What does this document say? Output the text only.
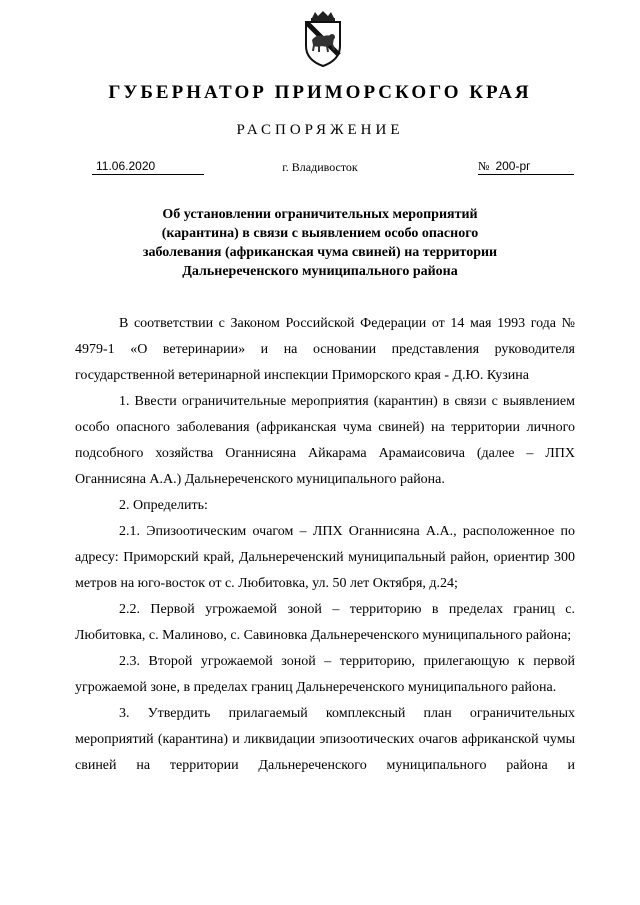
ГУБЕРНАТОР ПРИМОРСКОГО КРАЯ
РАСПОРЯЖЕНИЕ
11.06.2020	г. Владивосток	№ 200-рг
Об установлении ограничительных мероприятий
(карантина) в связи с выявлением особо опасного
заболевания (африканская чума свиней) на территории
Дальнереченского муниципального района

В соответствии с Законом Российской Федерации от 14 мая 1993 года № 4979-1 «О ветеринарии» и на основании представления руководителя государственной ветеринарной инспекции Приморского края - Д.Ю. Кузина

1. Ввести ограничительные мероприятия (карантин) в связи с выявлением особо опасного заболевания (африканская чума свиней) на территории личного подсобного хозяйства Оганнисяна Айкарама Арамаисовича (далее – ЛПХ Оганнисяна А.А.) Дальнереченского муниципального района.

2. Определить:

2.1. Эпизоотическим очагом – ЛПХ Оганнисяна А.А., расположенное по адресу: Приморский край, Дальнереченский муниципальный район, ориентир 300 метров на юго-восток от с. Любитовка, ул. 50 лет Октября, д.24;

2.2. Первой угрожаемой зоной – территорию в пределах границ с. Любитовка, с. Малиново, с. Савиновка Дальнереченского муниципального района;

2.3. Второй угрожаемой зоной – территорию, прилегающую к первой угрожаемой зоне, в пределах границ Дальнереченского муниципального района.

3. Утвердить прилагаемый комплексный план ограничительных мероприятий (карантина) и ликвидации эпизоотических очагов африканской чумы свиней на территории Дальнереченского муниципального района и
